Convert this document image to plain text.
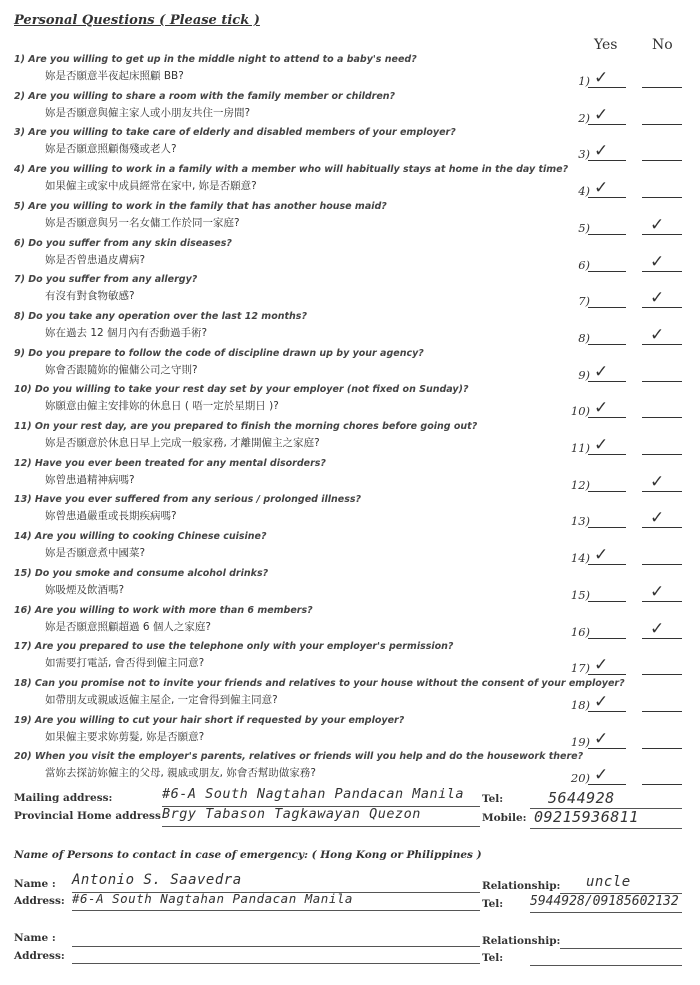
Personal Questions ( Please tick )
Yes No
1) Are you willing to get up in the middle night to attend to a baby's need?
妳是否願意半夜起床照顧 BB?	1) ✓
2) Are you willing to share a room with the family member or children?
妳是否願意與僱主家人或小朋友共住一房間?	2) ✓
3) Are you willing to take care of elderly and disabled members of your employer?
妳是否願意照顧傷殘或老人?	3) ✓
4) Are you willing to work in a family with a member who will habitually stays at home in the day time?
如果僱主或家中成員經常在家中, 妳是否願意?	4) ✓
5) Are you willing to work in the family that has another house maid?
妳是否願意與另一名女傭工作於同一家庭?	5)	✓
6) Do you suffer from any skin diseases?
妳是否曾患過皮膚病?	6)	✓
7) Do you suffer from any allergy?
有沒有對食物敏感?	7)	✓
8) Do you take any operation over the last 12 months?
妳在過去 12 個月內有否動過手術?	8)	✓
9) Do you prepare to follow the code of discipline drawn up by your agency?
妳會否跟隨妳的僱傭公司之守則?	9) ✓
10) Do you willing to take your rest day set by your employer (not fixed on Sunday)?
妳願意由僱主安排妳的休息日 ( 唔一定於星期日 )?	10) ✓
11) On your rest day, are you prepared to finish the morning chores before going out?
妳是否願意於休息日早上完成一般家務, 才離開僱主之家庭?	11) ✓
12) Have you ever been treated for any mental disorders?
妳曾患過精神病嗎?	12)	✓
13) Have you ever suffered from any serious / prolonged illness?
妳曾患過嚴重或長期疾病嗎?	13)	✓
14) Are you willing to cooking Chinese cuisine?
妳是否願意煮中國菜?	14) ✓
15) Do you smoke and consume alcohol drinks?
妳吸煙及飲酒嗎?	15)	✓
16) Are you willing to work with more than 6 members?
妳是否願意照顧超過 6 個人之家庭?	16)	✓
17) Are you prepared to use the telephone only with your employer's permission?
如需要打電話, 會否得到僱主同意?	17) ✓
18) Can you promise not to invite your friends and relatives to your house without the consent of your employer?
如帶朋友或親戚返僱主屋企, 一定會得到僱主同意?	18) ✓
19) Are you willing to cut your hair short if requested by your employer?
如果僱主要求妳剪髮, 妳是否願意?	19) ✓
20) When you visit the employer's parents, relatives or friends will you help and do the housework there?
當妳去探訪妳僱主的父母, 親戚或朋友, 妳會否幫助做家務?	20) ✓
Mailing address:	#6-A South Nagtahan Pandacan Manila
Provincial Home address Brgy Tabason Tagkawayan Quezon
Tel:	5644928
Mobile: 09215936811
Name of Persons to contact in case of emergency: ( Hong Kong or Philippines )
Name : Antonio S. Saavedra
Address: #6-A South Nagtahan Pandacan Manila
Relationship: uncle
Tel: 5944928/09185602132
Name :
Address:
Relationship:
Tel:
